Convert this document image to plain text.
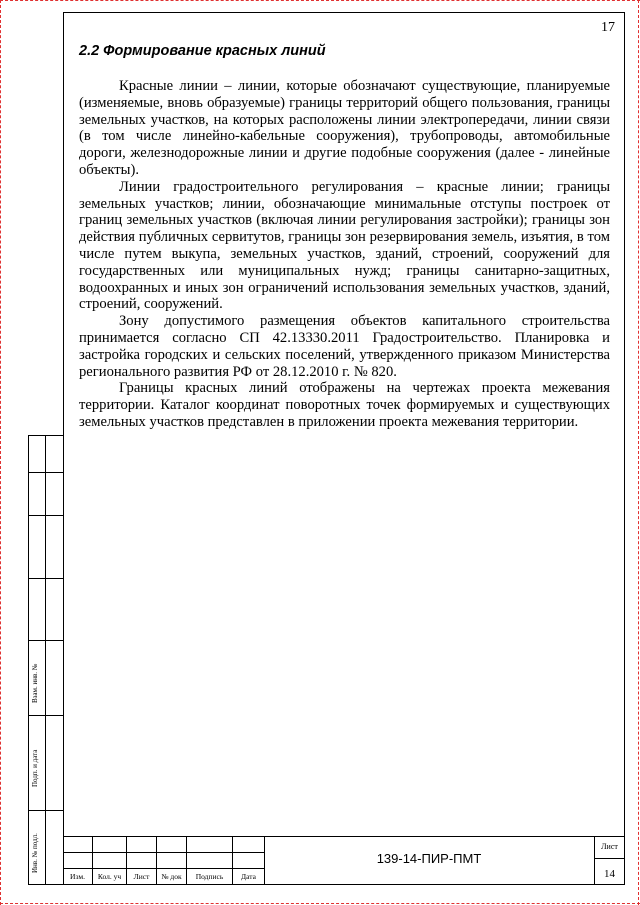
17
2.2 Формирование красных линий

Красные линии – линии, которые обозначают существующие, планируемые (изменяемые, вновь образуемые) границы территорий общего пользования, границы земельных участков, на которых расположены линии электропередачи, линии связи (в том числе линейно-кабельные сооружения), трубопроводы, автомобильные дороги, железнодорожные линии и другие подобные сооружения (далее - линейные объекты).

Линии градостроительного регулирования – красные линии; границы земельных участков; линии, обозначающие минимальные отступы построек от границ земельных участков (включая линии регулирования застройки); границы зон действия публичных сервитутов, границы зон резервирования земель, изъятия, в том числе путем выкупа, земельных участков, зданий, строений, сооружений для государственных или муниципальных нужд; границы санитарно-защитных, водоохранных и иных зон ограничений использования земельных участков, зданий, строений, сооружений.

Зону допустимого размещения объектов капитального строительства принимается согласно СП 42.13330.2011 Градостроительство. Планировка и застройка городских и сельских поселений, утвержденного приказом Министерства регионального развития РФ от 28.12.2010 г. № 820.

Границы красных линий отображены на чертежах проекта межевания территории. Каталог координат поворотных точек формируемых и существующих земельных участков представлен в приложении проекта межевания территории.

Взам. инв. №
Подп. и дата
Инв. № подл.
Изм.	Кол. уч	Лист	№ док	Подпись	Дата
139-14-ПИР-ПМТ
Лист
14
